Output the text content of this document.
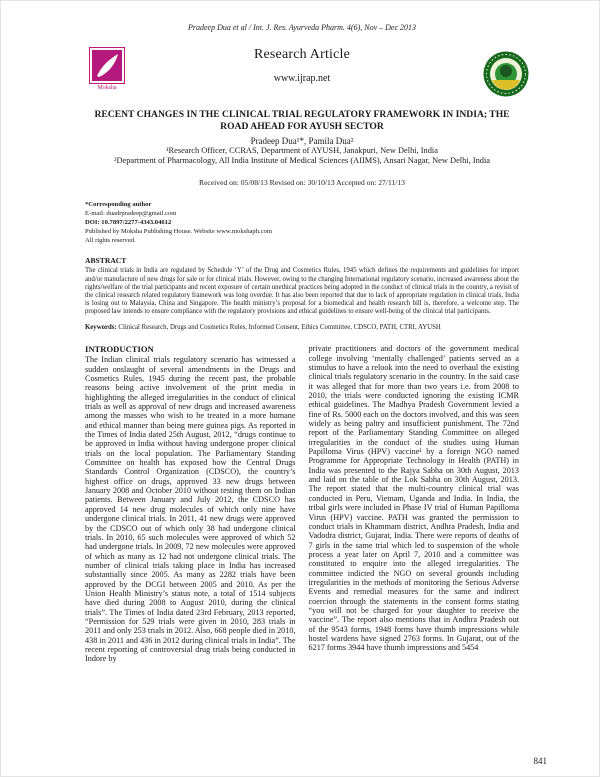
Pradeep Dua et al / Int. J. Res. Ayurveda Pharm. 4(6), Nov – Dec 2013
Moksha
Research Article
www.ijrap.net
RECENT CHANGES IN THE CLINICAL TRIAL REGULATORY FRAMEWORK IN INDIA; THE ROAD AHEAD FOR AYUSH SECTOR
Pradeep Dua¹*, Pamila Dua²
¹Research Officer, CCRAS, Department of AYUSH, Janakpuri, New Delhi, India
²Department of Pharmacology, All India Institute of Medical Sciences (AIIMS), Ansari Nagar, New Delhi, India
Received on: 05/08/13 Revised on: 30/10/13 Accepted on: 27/11/13
*Corresponding author
E-mail: duadrpradeep@gmail.com
DOI: 10.7897/2277-4343.04612
Published by Moksha Publishing House. Website www.mokshaph.com
All rights reserved.
ABSTRACT
The clinical trials in India are regulated by Schedule ‘Y’ of the Drug and Cosmetics Rules, 1945 which defines the requirements and guidelines for import and/or manufacture of new drugs for sale or for clinical trials. However, owing to the changing International regulatory scenario, increased awareness about the rights/welfare of the trial participants and recent exposure of certain unethical practices being adopted in the conduct of clinical trials in the country, a revisit of the clinical research related regulatory framework was long overdue. It has also been reported that due to lack of appropriate regulation in clinical trials, India is losing out to Malaysia, China and Singapore. The health ministry’s proposal for a biomedical and health research bill is, therefore, a welcome step. The proposed law intends to ensure compliance with the regulatory provisions and ethical guidelines to ensure well-being of the clinical trial participants.
Keywords: Clinical Research, Drugs and Cosmetics Rules, Informed Consent, Ethics Committee, CDSCO, PATH, CTRI, AYUSH
INTRODUCTION
The Indian clinical trials regulatory scenario has witnessed a sudden onslaught of several amendments in the Drugs and Cosmetics Rules, 1945 during the recent past, the probable reasons being active involvement of the print media in highlighting the alleged irregularities in the conduct of clinical trials as well as approval of new drugs and increased awareness among the masses who wish to be treated in a more humane and ethical manner than being mere guinea pigs. As reported in the Times of India dated 25th August, 2012, “drugs continue to be approved in India without having undergone proper clinical trials on the local population. The Parliamentary Standing Committee on health has exposed how the Central Drugs Standards Control Organization (CDSCO), the country’s highest office on drugs, approved 33 new drugs between January 2008 and October 2010 without testing them on Indian patients. Between January and July 2012, the CDSCO has approved 14 new drug molecules of which only nine have undergone clinical trials. In 2011, 41 new drugs were approved by the CDSCO out of which only 38 had undergone clinical trials. In 2010, 65 such molecules were approved of which 52 had undergone trials. In 2009, 72 new molecules were approved of which as many as 12 had not undergone clinical trials. The number of clinical trials taking place in India has increased substantially since 2005. As many as 2282 trials have been approved by the DCGI between 2005 and 2010. As per the Union Health Ministry’s status note, a total of 1514 subjects have died during 2008 to August 2010, during the clinical trials”. The Times of India dated 23rd February, 2013 reported, “Permission for 529 trials were given in 2010, 283 trials in 2011 and only 253 trials in 2012. Also, 668 people died in 2010, 438 in 2011 and 436 in 2012 during clinical trials in India”. The recent reporting of controversial drug trials being conducted in Indore by
private practitioners and doctors of the government medical college involving ‘mentally challenged’ patients served as a stimulus to have a relook into the need to overhaul the existing clinical trials regulatory scenario in the country. In the said case it was alleged that for more than two years i.e. from 2008 to 2010, the trials were conducted ignoring the existing ICMR ethical guidelines. The Madhya Pradesh Government levied a fine of Rs. 5000 each on the doctors involved, and this was seen widely as being paltry and insufficient punishment. The 72nd report of the Parliamentary Standing Committee on alleged irregularities in the conduct of the studies using Human Papilloma Virus (HPV) vaccine¹ by a foreign NGO named Programme for Appropriate Technology in Health (PATH) in India was presented to the Rajya Sabha on 30th August, 2013 and laid on the table of the Lok Sabha on 30th August, 2013. The report stated that the multi-country clinical trial was conducted in Peru, Vietnam, Uganda and India. In India, the tribal girls were included in Phase IV trial of Human Papilloma Virus (HPV) vaccine. PATH was granted the permission to conduct trials in Khammam district, Andhra Pradesh, India and Vadodra district, Gujarat, India. There were reports of deaths of 7 girls in the same trial which led to suspension of the whole process a year later on April 7, 2010 and a committee was constituted to enquire into the alleged irregularities. The committee indicted the NGO on several grounds including irregularities in the methods of monitoring the Serious Adverse Events and remedial measures for the same and indirect coercion through the statements in the consent forms stating “you will not be charged for your daughter to receive the vaccine”. The report also mentions that in Andhra Pradesh out of the 9543 forms, 1948 forms have thumb impressions while hostel wardens have signed 2763 forms. In Gujarat, out of the 6217 forms 3944 have thumb impressions and 5454
841
